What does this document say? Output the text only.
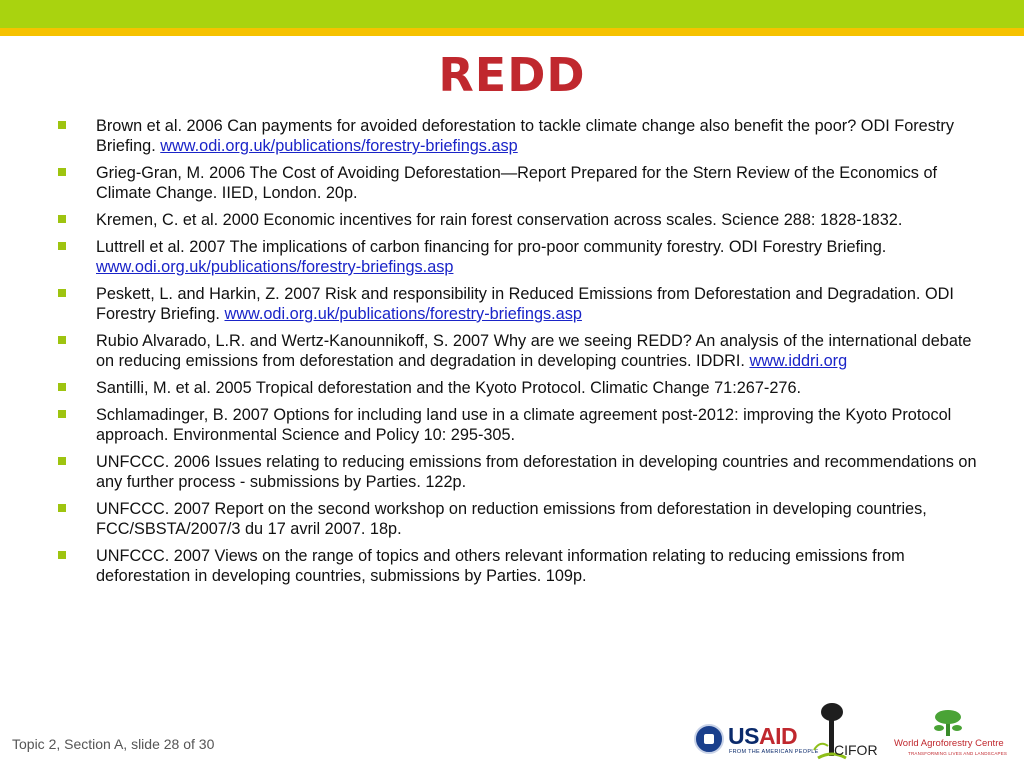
REDD
Brown et al. 2006 Can payments for avoided deforestation to tackle climate change also benefit the poor? ODI Forestry Briefing. www.odi.org.uk/publications/forestry-briefings.asp
Grieg-Gran, M. 2006 The Cost of Avoiding Deforestation—Report Prepared for the Stern Review of the Economics of Climate Change. IIED, London. 20p.
Kremen, C. et al. 2000 Economic incentives for rain forest conservation across scales. Science 288: 1828-1832.
Luttrell et al. 2007 The implications of carbon financing for pro-poor community forestry. ODI Forestry Briefing. www.odi.org.uk/publications/forestry-briefings.asp
Peskett, L. and Harkin, Z. 2007 Risk and responsibility in Reduced Emissions from Deforestation and Degradation. ODI Forestry Briefing. www.odi.org.uk/publications/forestry-briefings.asp
Rubio Alvarado, L.R. and Wertz-Kanounnikoff, S. 2007 Why are we seeing REDD? An analysis of the international debate on reducing emissions from deforestation and degradation in developing countries. IDDRI. www.iddri.org
Santilli, M. et al. 2005 Tropical deforestation and the Kyoto Protocol. Climatic Change 71:267-276.
Schlamadinger, B. 2007 Options for including land use in a climate agreement post-2012: improving the Kyoto Protocol approach. Environmental Science and Policy 10: 295-305.
UNFCCC. 2006 Issues relating to reducing emissions from deforestation in developing countries and recommendations on any further process - submissions by Parties. 122p.
UNFCCC. 2007 Report on the second workshop on reduction emissions from deforestation in developing countries, FCC/SBSTA/2007/3 du 17 avril 2007. 18p.
UNFCCC. 2007 Views on the range of topics and others relevant information relating to reducing emissions from deforestation in developing countries, submissions by Parties. 109p.
Topic 2, Section A, slide 28 of 30	USAID
FROM THE AMERICAN PEOPLE CIFOR World Agroforestry Centre
TRANSFORMING LIVES AND LANDSCAPES
